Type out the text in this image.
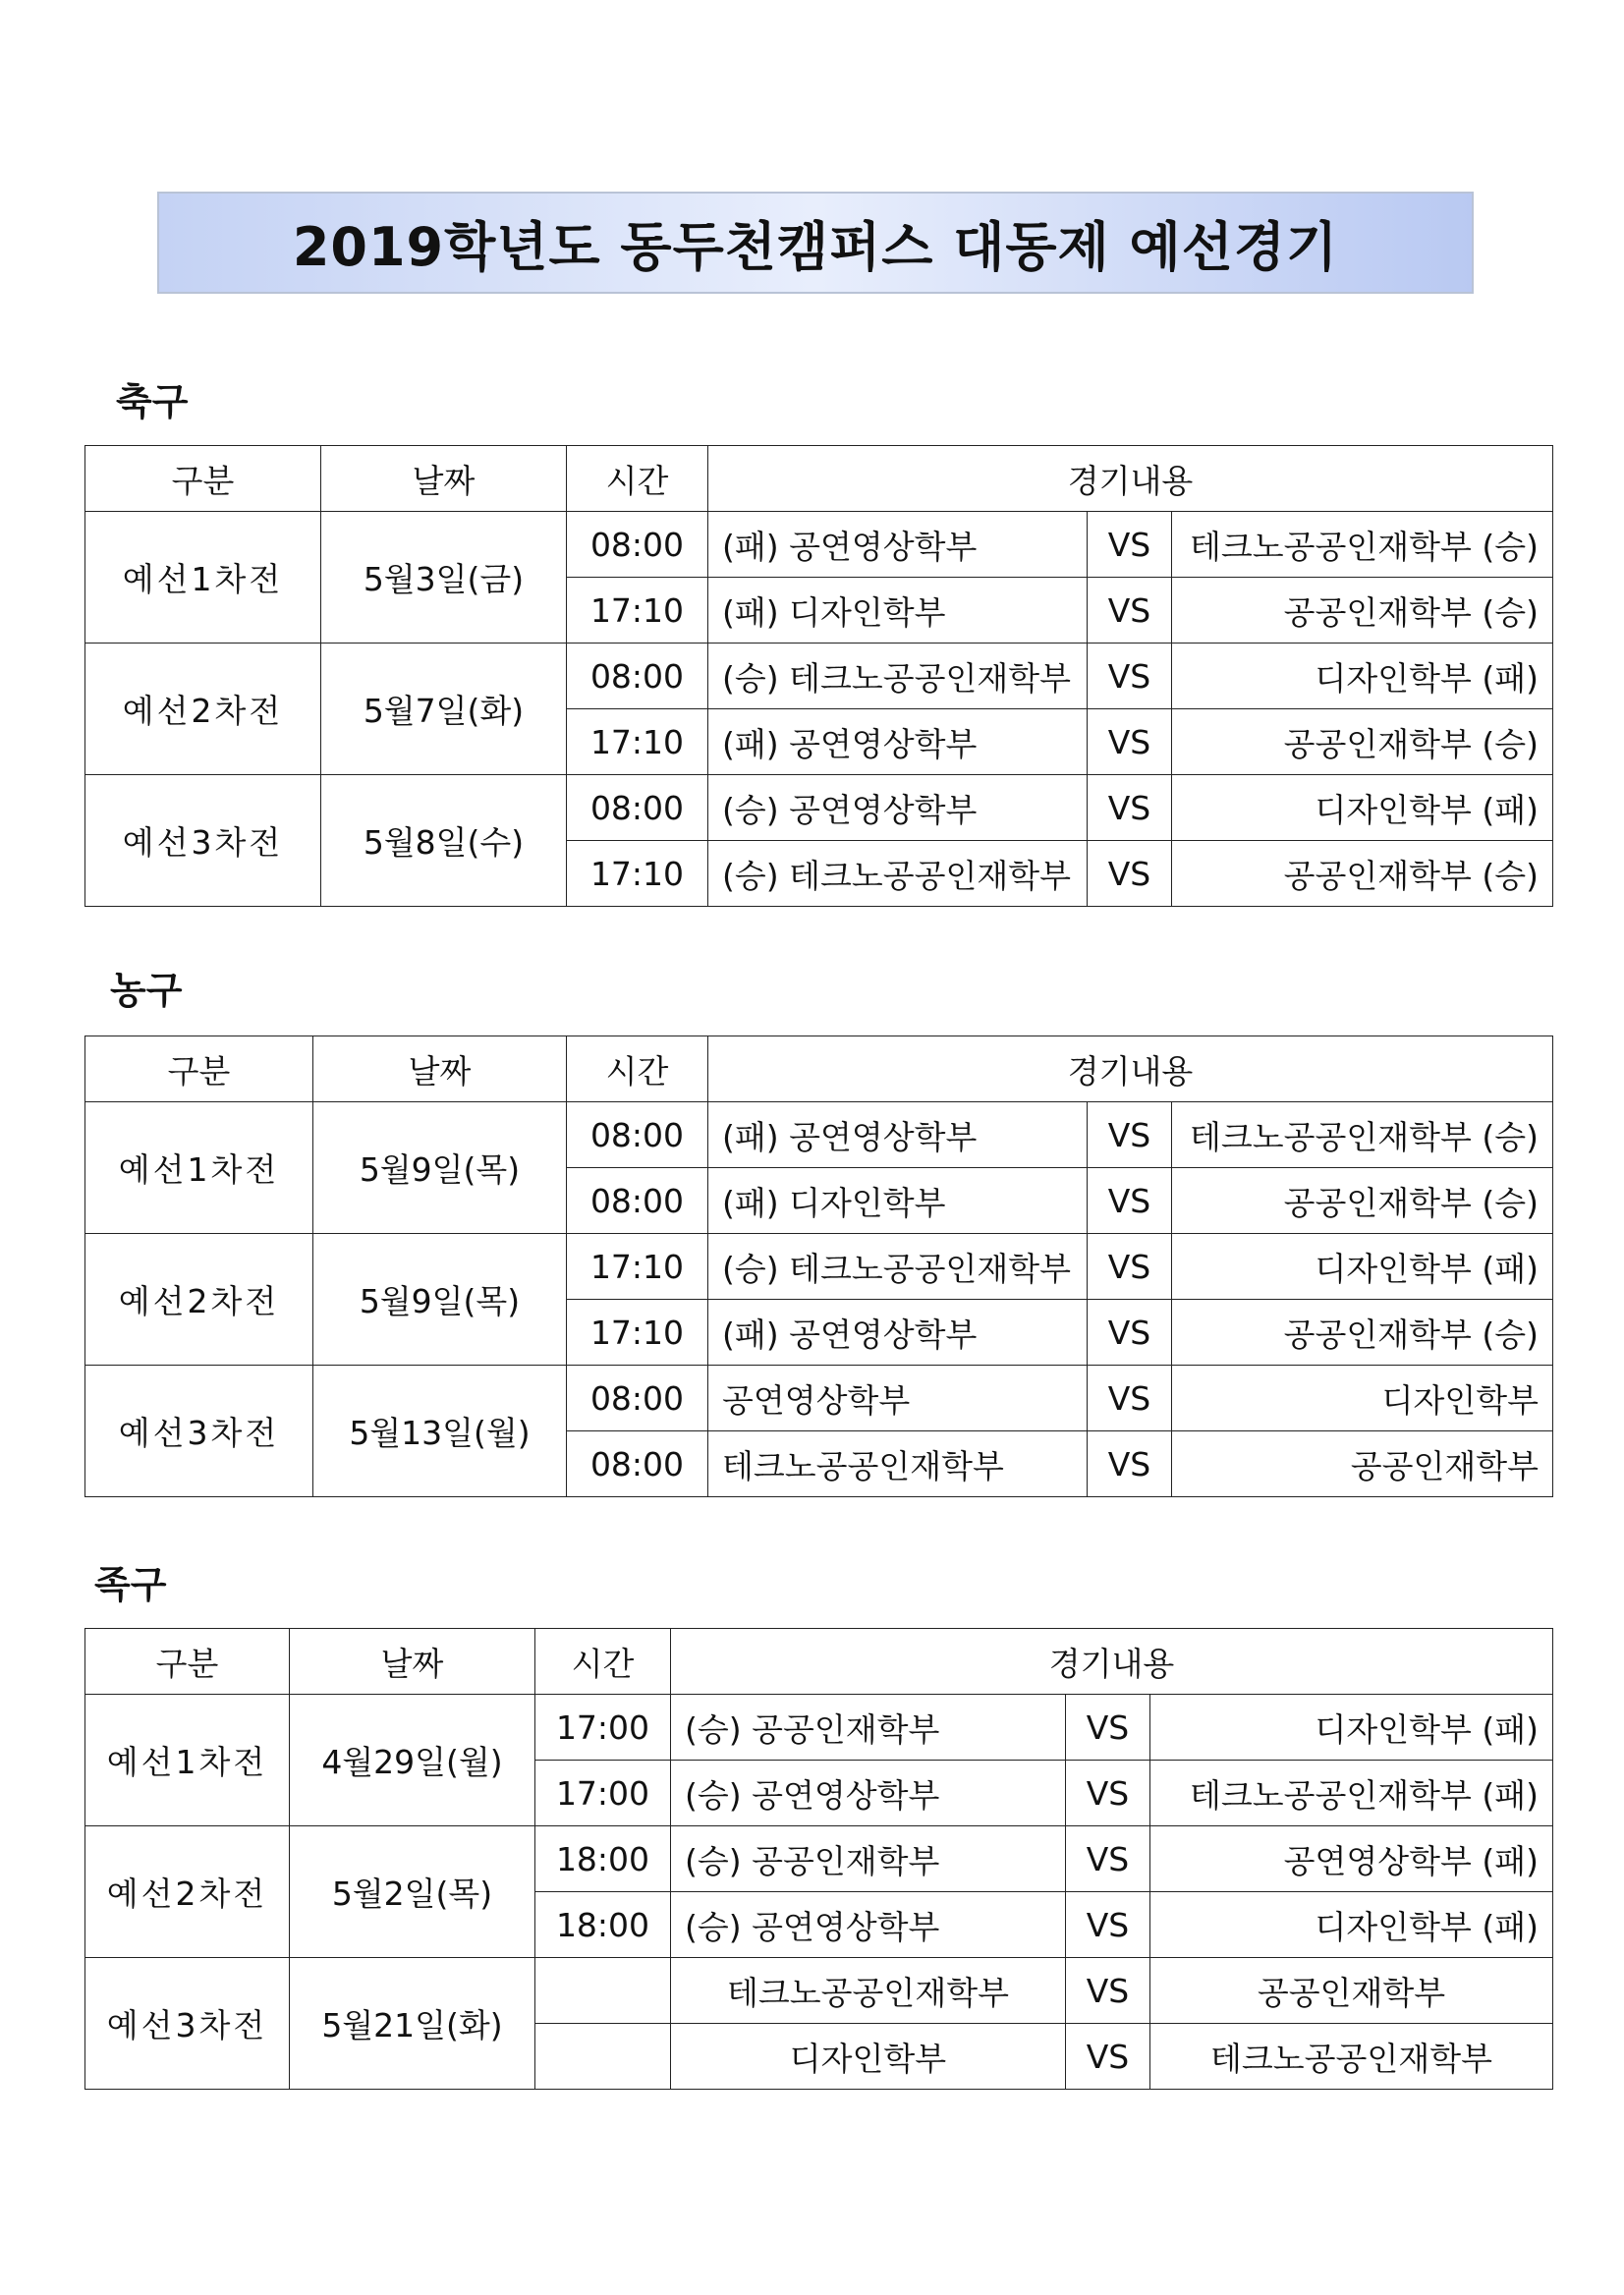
2019학년도 동두천캠퍼스 대동제 예선경기
축구
구분	날짜	시간	경기내용		
예선1차전	5월3일(금)	08:00	(패) 공연영상학부	VS	테크노공공인재학부 (승)
		17:10	(패) 디자인학부	VS	공공인재학부 (승)
예선2차전	5월7일(화)	08:00	(승) 테크노공공인재학부	VS	디자인학부 (패)
		17:10	(패) 공연영상학부	VS	공공인재학부 (승)
예선3차전	5월8일(수)	08:00	(승) 공연영상학부	VS	디자인학부 (패)
		17:10	(승) 테크노공공인재학부	VS	공공인재학부 (승)
농구
구분	날짜	시간	경기내용		
예선1차전	5월9일(목)	08:00	(패) 공연영상학부	VS	테크노공공인재학부 (승)
		08:00	(패) 디자인학부	VS	공공인재학부 (승)
예선2차전	5월9일(목)	17:10	(승) 테크노공공인재학부	VS	디자인학부 (패)
		17:10	(패) 공연영상학부	VS	공공인재학부 (승)
예선3차전	5월13일(월)	08:00	공연영상학부	VS	디자인학부
		08:00	테크노공공인재학부	VS	공공인재학부
족구
구분	날짜	시간	경기내용		
예선1차전	4월29일(월)	17:00	(승) 공공인재학부	VS	디자인학부 (패)
		17:00	(승) 공연영상학부	VS	테크노공공인재학부 (패)
예선2차전	5월2일(목)	18:00	(승) 공공인재학부	VS	공연영상학부 (패)
		18:00	(승) 공연영상학부	VS	디자인학부 (패)
예선3차전	5월21일(화)		테크노공공인재학부	VS	공공인재학부
			디자인학부	VS	테크노공공인재학부
